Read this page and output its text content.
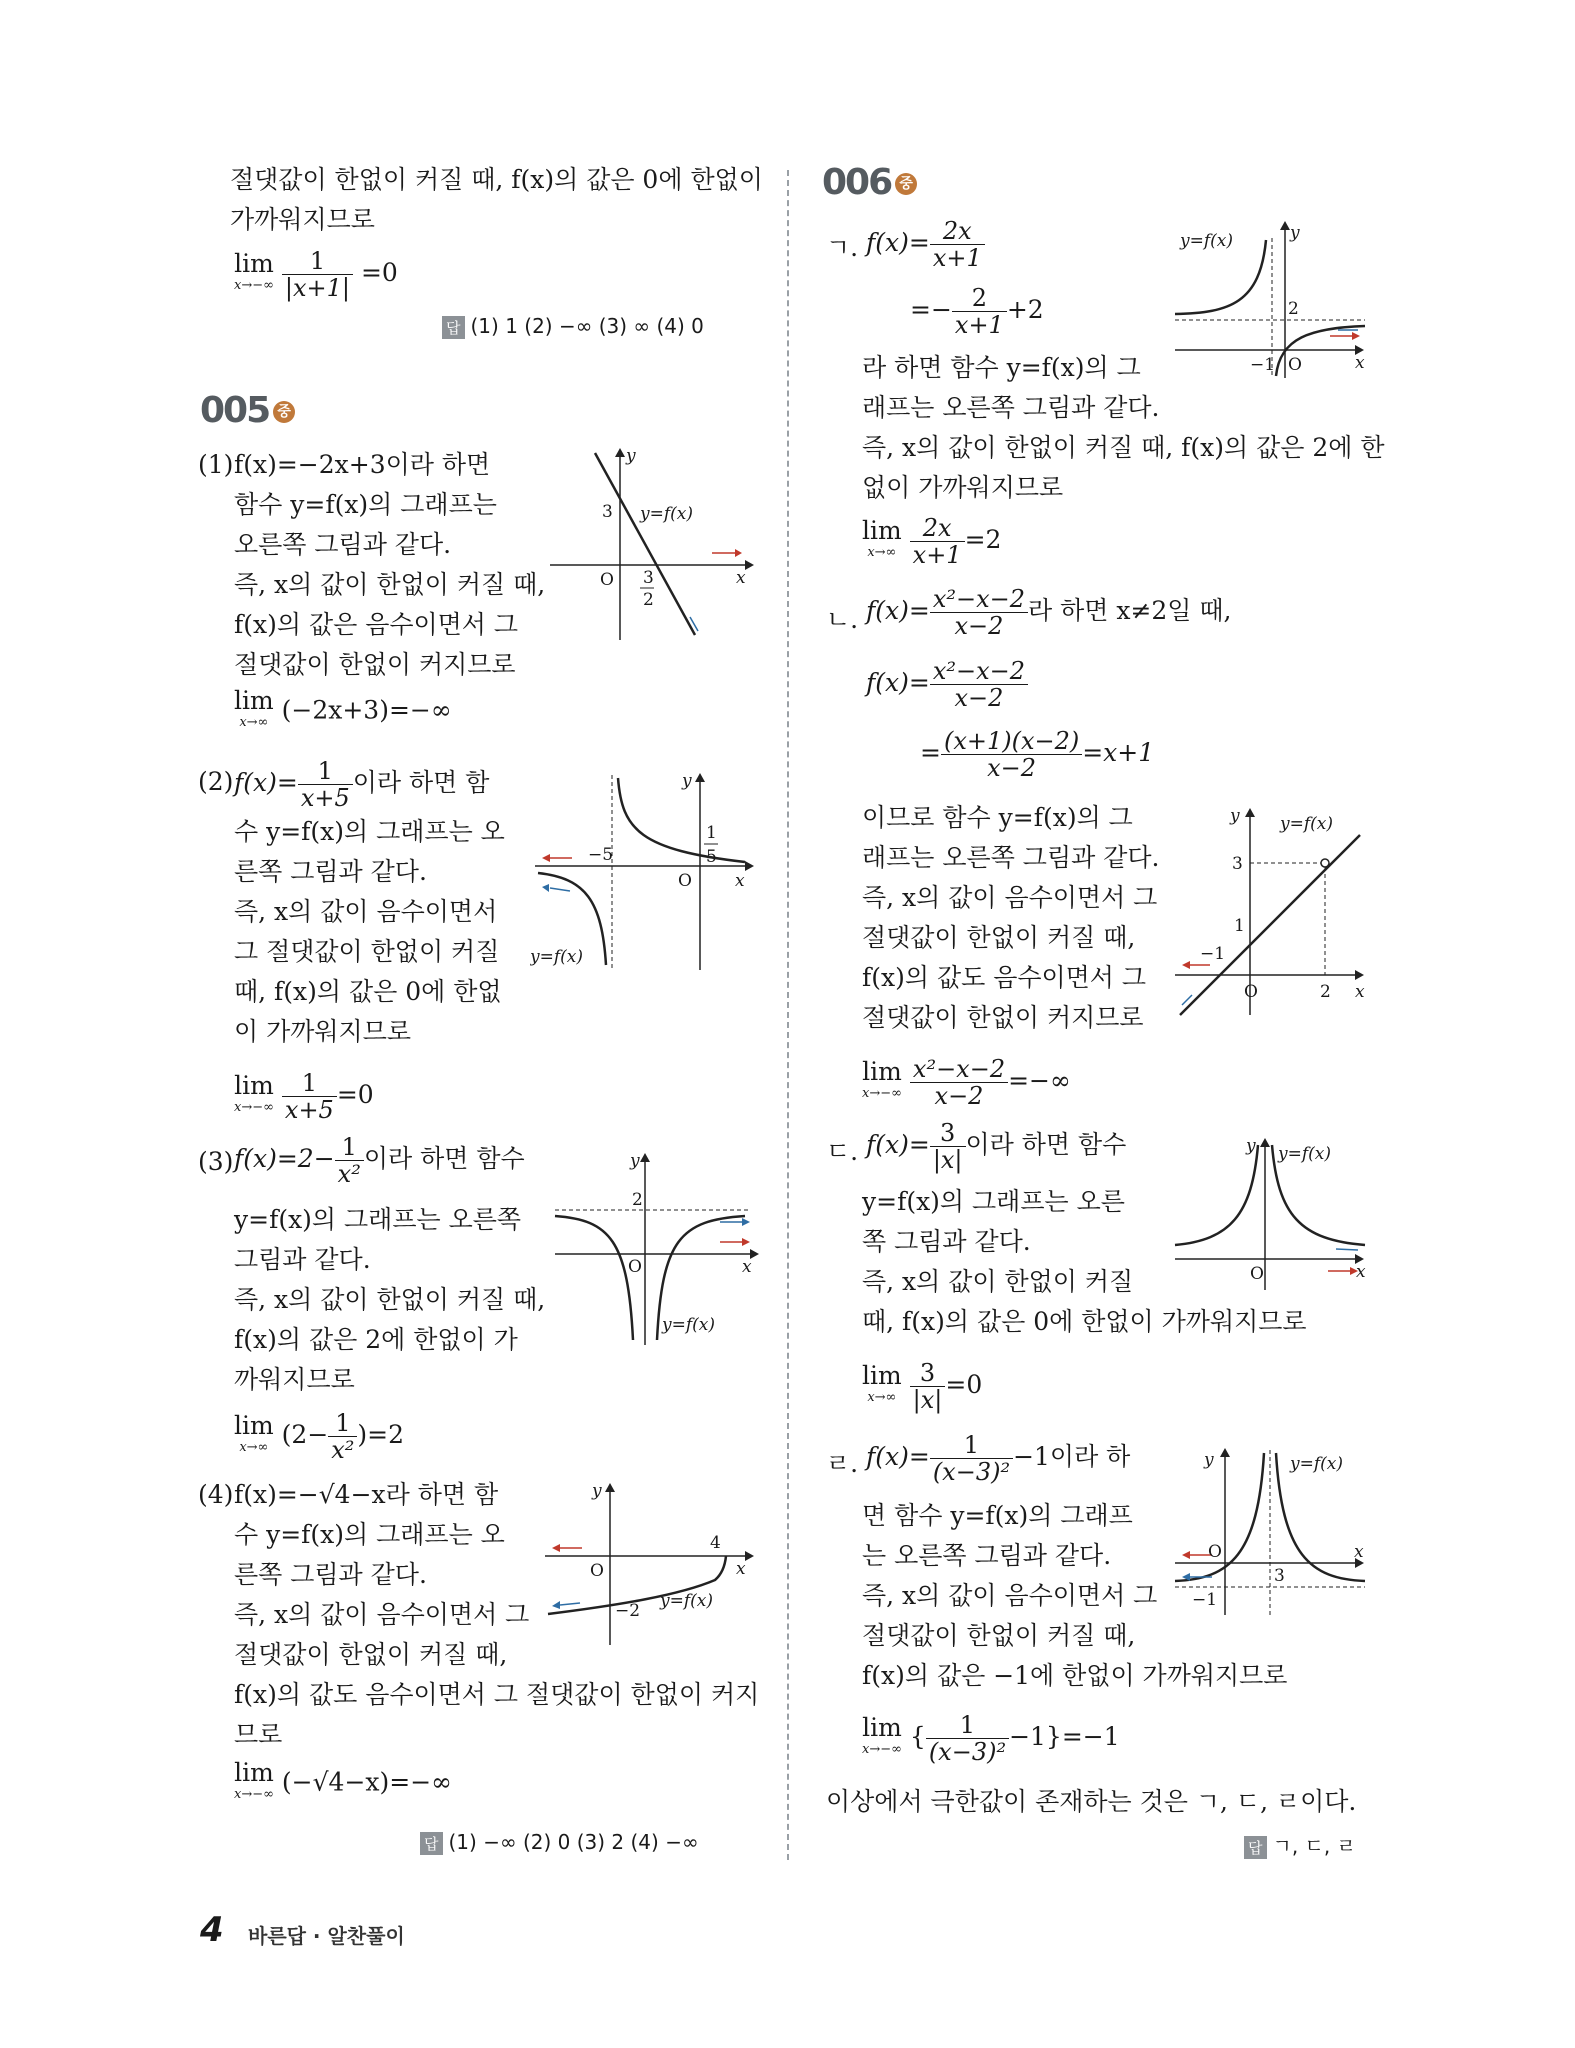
절댓값이 한없이 커질 때, f(x)의 값은 0에 한없이
가까워지므로
lim
x→−∞
$\frac{1}{|x+1|} =0$
답 (1) 1 (2) −∞ (3) ∞ (4) 0
005 중
(1) f(x)=−2x+3이라 하면
함수 y=f(x)의 그래프는
오른쪽 그림과 같다.
즉, x의 값이 한없이 커질 때,
f(x)의 값은 음수이면서 그
절댓값이 한없이 커지므로
lim
x→∞ (−2x+3)=−∞
3 y=f(x)
O 3
2
x
y
(2) $f(x)= \frac{1}{x+5}$ 이라 하면 함
수 y=f(x)의 그래프는 오
른쪽 그림과 같다.
즉, x의 값이 음수이면서
그 절댓값이 한없이 커질
때, f(x)의 값은 0에 한없
이 가까워지므로
lim
x→−∞
$\frac{1}{x+5} =0$
−5
1
5
O	x
y
y=f(x)
(3) $f(x)=2- \frac{1}{\text{x²}}$ 이라 하면 함수
y=f(x)의 그래프는 오른쪽
그림과 같다.
즉, x의 값이 한없이 커질 때,
f(x)의 값은 2에 한없이 가
까워지므로
lim
x→∞ $(2- \frac{1}{\text{x²}} )=2$
2
O	x
y
y=f(x)
(4) f(x)=−√4−x라 하면 함
수 y=f(x)의 그래프는 오
른쪽 그림과 같다.
즉, x의 값이 음수이면서 그
절댓값이 한없이 커질 때,
f(x)의 값도 음수이면서 그 절댓값이 한없이 커지
므로
lim
x→−∞ (−√4−x)=−∞
O
4
−2
x
y
y=f(x)
답 (1) −∞ (2) 0 (3) 2 (4) −∞
006 중
ㄱ. $f(x)= \frac{2x}{x+1}$
=− $\frac{2}{x+1} +2$
라 하면 함수 y=f(x)의 그
래프는 오른쪽 그림과 같다.
즉, x의 값이 한없이 커질 때, f(x)의 값은 2에 한
없이 가까워지므로
lim
x→∞
$\frac{2x}{x+1} =2$
y=f(x)	y
2
−1 O	x
ㄴ. $f(x)= \frac{\text{x²−x−2}}{x-2}$ 라 하면 x≠2일 때,
$f(x)= \frac{\text{x²−x−2}}{x-2}$
= $\frac{(x+1)(x-2)}{x-2} =x+1$
이므로 함수 y=f(x)의 그
래프는 오른쪽 그림과 같다.
즉, x의 값이 음수이면서 그
절댓값이 한없이 커질 때,
f(x)의 값도 음수이면서 그
절댓값이 한없이 커지므로
lim
x→−∞
$\frac{\text{x²−x−2}}{x-2}$ =−∞
y y=f(x)
3
1
−1
O	2 x
ㄷ. $f(x)= \frac{3}{|x|}$ 이라 하면 함수
y=f(x)의 그래프는 오른
쪽 그림과 같다.
즉, x의 값이 한없이 커질
때, f(x)의 값은 0에 한없이 가까워지므로
lim
x→∞
$\frac{3}{|x|} =0$
y y=f(x)
O	x
ㄹ. $f(x)= \frac{1}{\text{(x−3)²}} -1$이라 하
면 함수 y=f(x)의 그래프
는 오른쪽 그림과 같다.
즉, x의 값이 음수이면서 그
절댓값이 한없이 커질 때,
f(x)의 값은 −1에 한없이 가까워지므로
lim
x→−∞ { $\frac{1}{\text{(x−3)²}} -1\}=-1$
y	y=f(x)
O	x
3
−1
이상에서 극한값이 존재하는 것은 ㄱ, ㄷ, ㄹ이다.
답 ㄱ, ㄷ, ㄹ
4 바른답 · 알찬풀이
